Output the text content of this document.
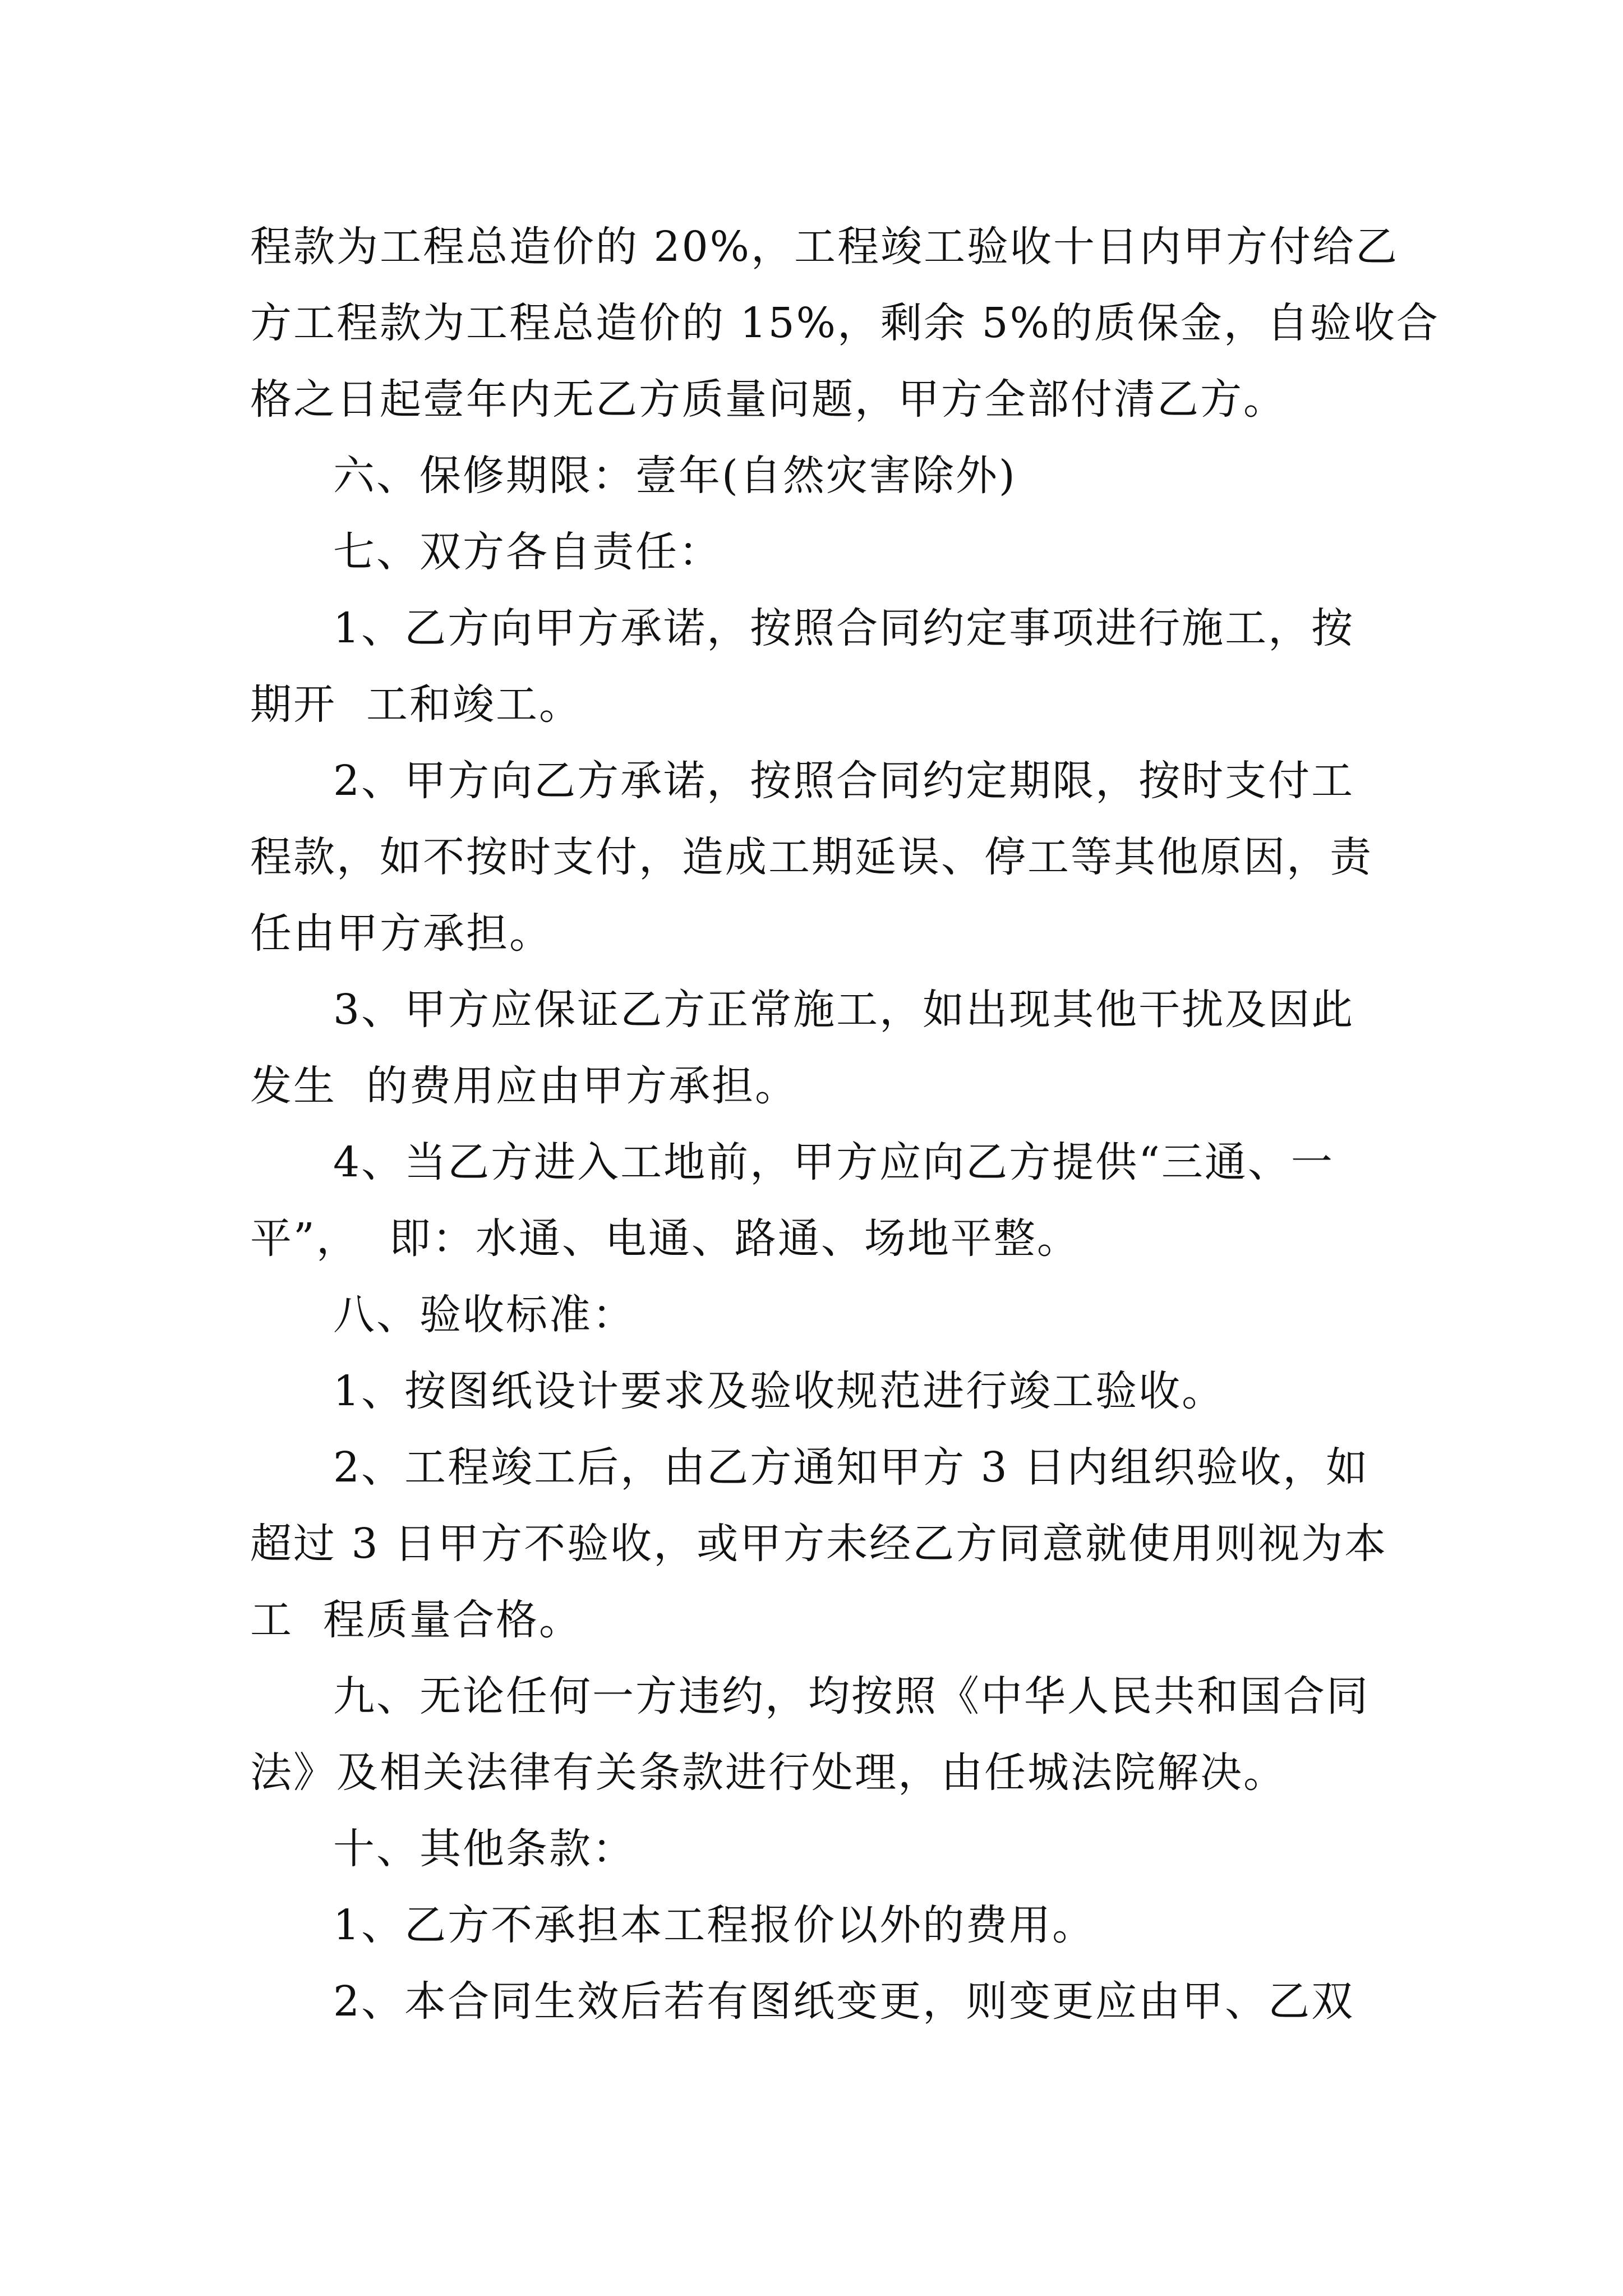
程款为工程总造价的 20%，工程竣工验收十日内甲方付给乙

方工程款为工程总造价的 15%，剩余 5%的质保金，自验收合

格之日起壹年内无乙方质量问题，甲方全部付清乙方。

六、保修期限：壹年(自然灾害除外)

七、双方各自责任：

1、乙方向甲方承诺，按照合同约定事项进行施工，按

期开  工和竣工。

2、甲方向乙方承诺，按照合同约定期限，按时支付工

程款，如不按时支付，造成工期延误、停工等其他原因，责

任由甲方承担。

3、甲方应保证乙方正常施工，如出现其他干扰及因此

发生  的费用应由甲方承担。

4、当乙方进入工地前，甲方应向乙方提供“三通、一

平”，  即：水通、电通、路通、场地平整。

八、验收标准：

1、按图纸设计要求及验收规范进行竣工验收。

2、工程竣工后，由乙方通知甲方 3 日内组织验收，如

超过 3 日甲方不验收，或甲方未经乙方同意就使用则视为本

工  程质量合格。

九、无论任何一方违约，均按照《中华人民共和国合同

法》及相关法律有关条款进行处理，由任城法院解决。

十、其他条款：

1、乙方不承担本工程报价以外的费用。

2、本合同生效后若有图纸变更，则变更应由甲、乙双
